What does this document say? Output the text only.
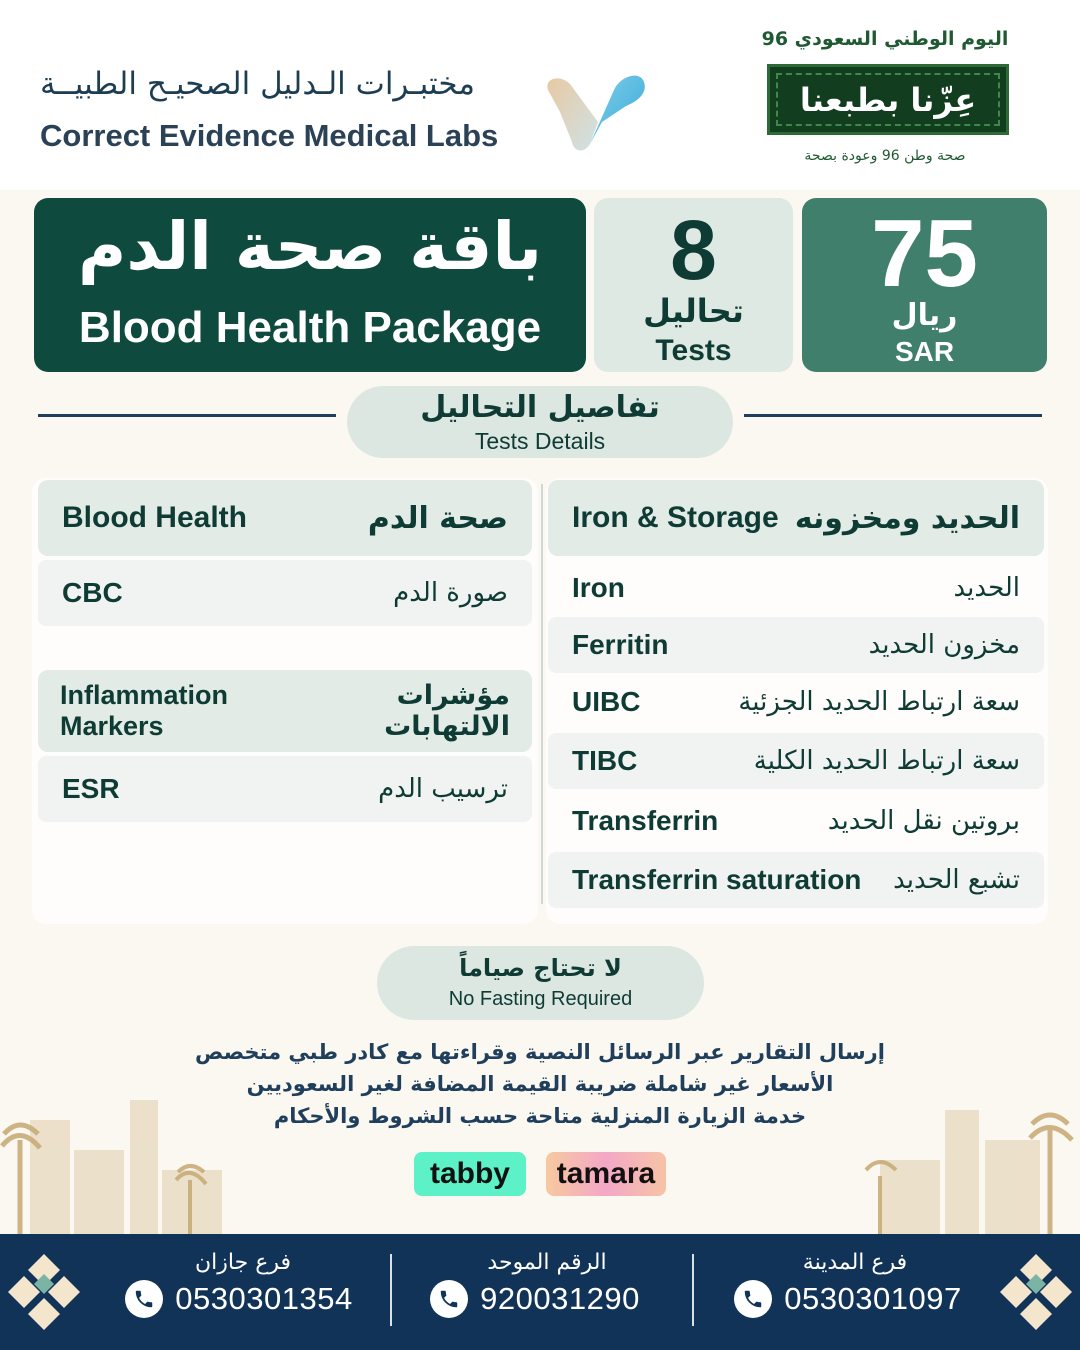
مختبـرات الـدليل الصحيـح الطبيــة
Correct Evidence Medical Labs
اليوم الوطني السعودي 96
عِزّنا بطبعنا
صحة وطن 96 وعودة بصحة
باقة صحة الدم
Blood Health Package
8
تحاليل
Tests
75
ريال
SAR
تفاصيل التحاليل
Tests Details
Blood Health	صحة الدم
CBC	صورة الدم
Inflammation Markers
مؤشرات الالتهابات
ESR	ترسيب الدم
Iron & Storage الحديد ومخزونه
Iron	الحديد
Ferritin	مخزون الحديد
UIBC	سعة ارتباط الحديد الجزئية
TIBC	سعة ارتباط الحديد الكلية
Transferrin	بروتين نقل الحديد
Transferrin saturation تشبع الحديد
لا تحتاج صياماً
No Fasting Required
إرسال التقارير عبر الرسائل النصية وقراءتها مع كادر طبي متخصص
الأسعار غير شاملة ضريبة القيمة المضافة لغير السعوديين
خدمة الزيارة المنزلية متاحة حسب الشروط والأحكام
tabby	tamara
فرع المدينة
0530301097
الرقم الموحد
920031290
فرع جازان
0530301354
